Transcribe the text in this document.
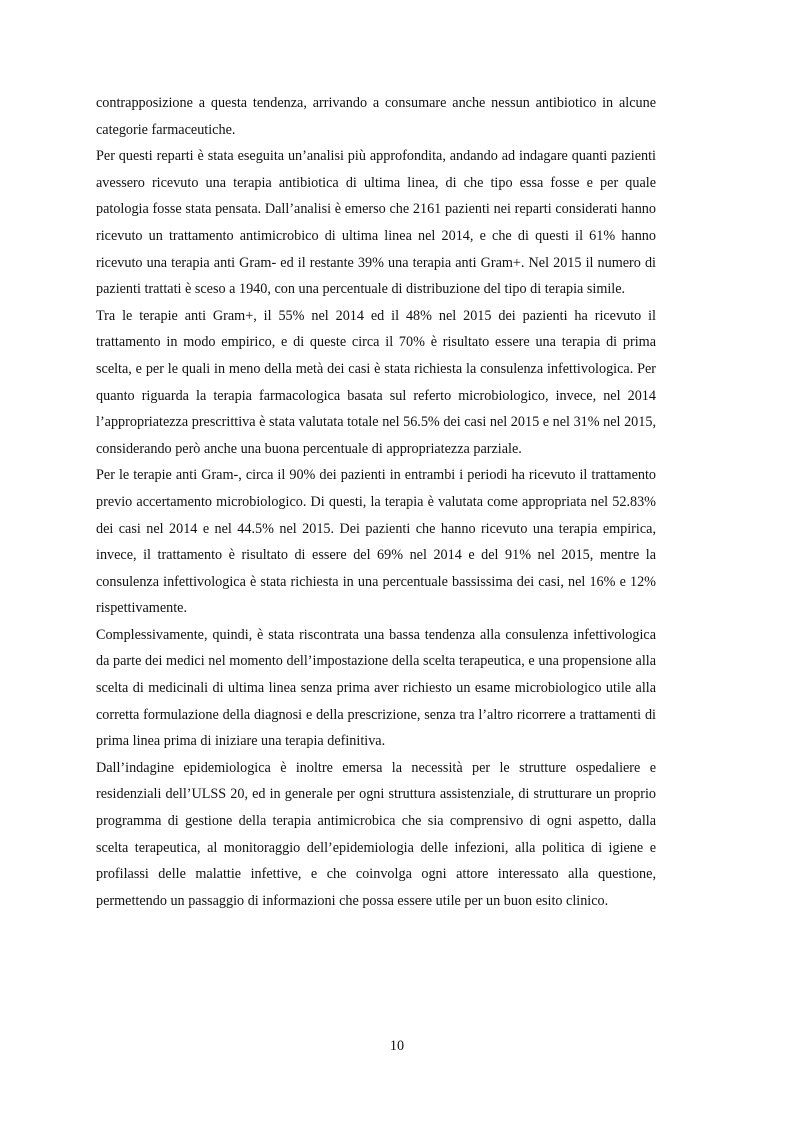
contrapposizione a questa tendenza, arrivando a consumare anche nessun antibiotico in alcune categorie farmaceutiche.

Per questi reparti è stata eseguita un’analisi più approfondita, andando ad indagare quanti pazienti avessero ricevuto una terapia antibiotica di ultima linea, di che tipo essa fosse e per quale patologia fosse stata pensata. Dall’analisi è emerso che 2161 pazienti nei reparti considerati hanno ricevuto un trattamento antimicrobico di ultima linea nel 2014, e che di questi il 61% hanno ricevuto una terapia anti Gram- ed il restante 39% una terapia anti Gram+. Nel 2015 il numero di pazienti trattati è sceso a 1940, con una percentuale di distribuzione del tipo di terapia simile.

Tra le terapie anti Gram+, il 55% nel 2014 ed il 48% nel 2015 dei pazienti ha ricevuto il trattamento in modo empirico, e di queste circa il 70% è risultato essere una terapia di prima scelta, e per le quali in meno della metà dei casi è stata richiesta la consulenza infettivologica. Per quanto riguarda la terapia farmacologica basata sul referto microbiologico, invece, nel 2014 l’appropriatezza prescrittiva è stata valutata totale nel 56.5% dei casi nel 2015 e nel 31% nel 2015, considerando però anche una buona percentuale di appropriatezza parziale.

Per le terapie anti Gram-, circa il 90% dei pazienti in entrambi i periodi ha ricevuto il trattamento previo accertamento microbiologico. Di questi, la terapia è valutata come appropriata nel 52.83% dei casi nel 2014 e nel 44.5% nel 2015. Dei pazienti che hanno ricevuto una terapia empirica, invece, il trattamento è risultato di essere del 69% nel 2014 e del 91% nel 2015, mentre la consulenza infettivologica è stata richiesta in una percentuale bassissima dei casi, nel 16% e 12% rispettivamente.

Complessivamente, quindi, è stata riscontrata una bassa tendenza alla consulenza infettivologica da parte dei medici nel momento dell’impostazione della scelta terapeutica, e una propensione alla scelta di medicinali di ultima linea senza prima aver richiesto un esame microbiologico utile alla corretta formulazione della diagnosi e della prescrizione, senza tra l’altro ricorrere a trattamenti di prima linea prima di iniziare una terapia definitiva.

Dall’indagine epidemiologica è inoltre emersa la necessità per le strutture ospedaliere e residenziali dell’ULSS 20, ed in generale per ogni struttura assistenziale, di strutturare un proprio programma di gestione della terapia antimicrobica che sia comprensivo di ogni aspetto, dalla scelta terapeutica, al monitoraggio dell’epidemiologia delle infezioni, alla politica di igiene e profilassi delle malattie infettive, e che coinvolga ogni attore interessato alla questione, permettendo un passaggio di informazioni che possa essere utile per un buon esito clinico.

10
